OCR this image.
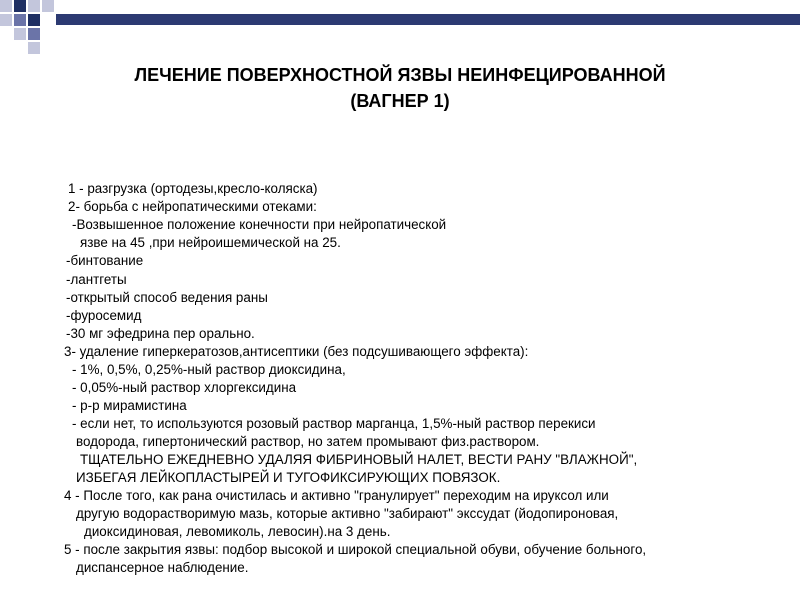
ЛЕЧЕНИЕ ПОВЕРХНОСТНОЙ ЯЗВЫ НЕИНФЕЦИРОВАННОЙ
(ВАГНЕР 1)

1 - разгрузка (ортодезы,кресло-коляска)

2- борьба с нейропатическими отеками:

-Возвышенное положение конечности при нейропатической

язве на 45 ,при нейроишемической на 25.

-бинтование

-лантгеты

-открытый способ ведения раны

-фуросемид

-30 мг эфедрина пер орально.

3- удаление гиперкератозов,антисептики (без подсушивающего эффекта):

- 1%, 0,5%, 0,25%-ный раствор диоксидина,

- 0,05%-ный раствор хлоргексидина

- р-р мирамистина

- если нет, то используются розовый раствор марганца, 1,5%-ный раствор перекиси

водорода, гипертонический раствор, но затем промывают физ.раствором.

ТЩАТЕЛЬНО ЕЖЕДНЕВНО УДАЛЯЯ ФИБРИНОВЫЙ НАЛЕТ, ВЕСТИ РАНУ "ВЛАЖНОЙ",

ИЗБЕГАЯ ЛЕЙКОПЛАСТЫРЕЙ И ТУГОФИКСИРУЮЩИХ ПОВЯЗОК.

4 - После того, как рана очистилась и активно "гранулирует" переходим на ируксол или

другую водорастворимую мазь, которые активно "забирают" экссудат (йодопироновая,

диоксидиновая, левомиколь, левосин).на 3 день.

5 - после закрытия язвы: подбор высокой и широкой специальной обуви, обучение больного,

диспансерное наблюдение.
